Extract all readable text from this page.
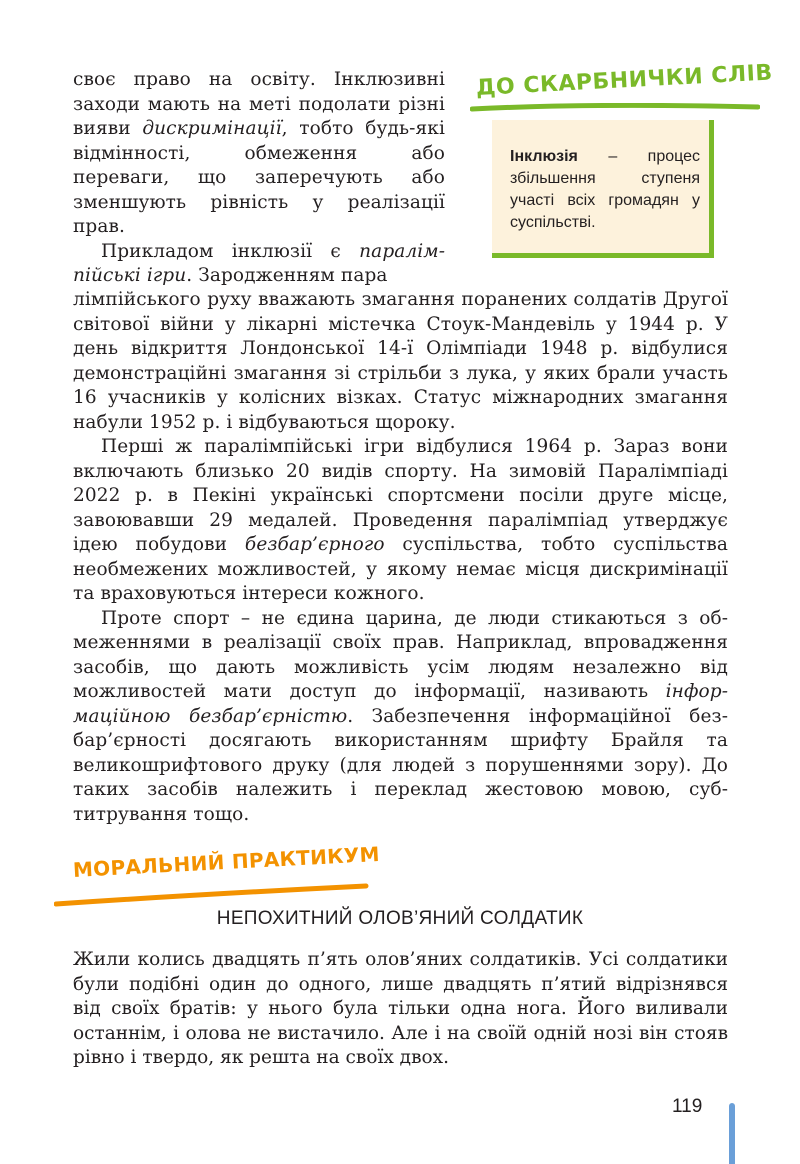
своє право на освіту. Інклюзивні заходи мають на меті подолати різні вияви дискримінації, тобто будь-які відмінності, обмеження або переваги, що заперечують або зменшують рівність у реалізації прав.

Прикладом інклюзії є паралімпійські ігри. Зародженням пара

ДО СКАРБНИЧКИ СЛІВ
Інклюзія – процес збільшення ступеня участі всіх громадян у суспільстві.

лімпійського руху вважають змагання поранених солдатів Другої світової війни у лікарні містечка Стоук-Мандевіль у 1944 р. У день відкриття Лондонської 14-ї Олімпіади 1948 р. відбулися демонстраційні змагання зі стрільби з лука, у яких брали участь 16 учасників у колісних візках. Статус міжнародних змагання набули 1952 р. і відбуваються щороку.

Перші ж паралімпійські ігри відбулися 1964 р. Зараз вони включають близько 20 видів спорту. На зимовій Паралімпіаді 2022 р. в Пекіні українські спортсмени посіли друге місце, завоювавши 29 медалей. Проведення паралімпіад утверджує ідею побудови безбар’єрного суспільства, тобто суспільства необмежених можливостей, у якому немає місця дискримінації та враховуються інтереси кожного.

Проте спорт – не єдина царина, де люди стикаються з обмеженнями в реалізації своїх прав. Наприклад, впровадження засобів, що дають можливість усім людям незалежно від можливостей мати доступ до інформації, називають інформаційною безбар’єрністю. Забезпечення інформаційної безбар’єрності досягають використанням шрифту Брайля та великошрифтового друку (для людей з порушеннями зору). До таких засобів належить і переклад жестовою мовою, субтитрування тощо.

МОРАЛЬНИЙ ПРАКТИКУМ
НЕПОХИТНИЙ ОЛОВ’ЯНИЙ СОЛДАТИК

Жили колись двадцять п’ять олов’яних солдатиків. Усі солдатики були подібні один до одного, лише двадцять п’ятий відрізнявся від своїх братів: у нього була тільки одна нога. Його виливали останнім, і олова не вистачило. Але і на своїй одній нозі він стояв рівно і твердо, як решта на своїх двох.

119
